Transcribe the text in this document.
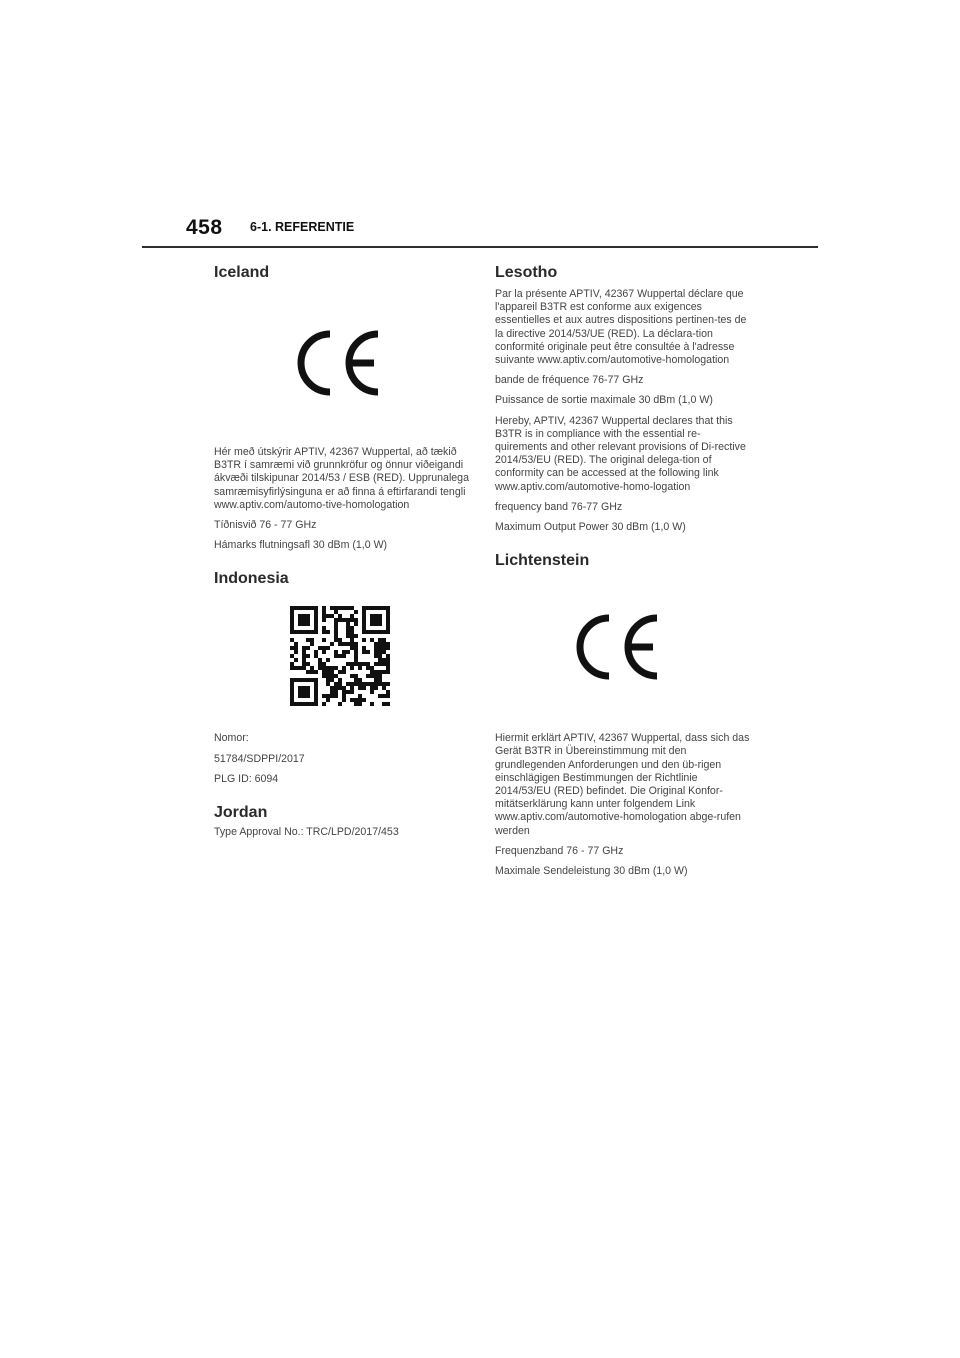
458 6-1. REFERENTIE
Iceland

Hér með útskýrir APTIV, 42367 Wuppertal, að tækið B3TR í samræmi við grunnkröfur og önnur viðeigandi ákvæði tilskipunar 2014/53 / ESB (RED). Upprunalega samræmisyfirlýsinguna er að finna á eftirfarandi tengli www.aptiv.com/automo-tive-homologation

Tíðnisvið 76 - 77 GHz

Hámarks flutningsafl 30 dBm (1,0 W)

Indonesia

Nomor:

51784/SDPPI/2017

PLG ID: 6094

Jordan

Type Approval No.: TRC/LPD/2017/453

Lesotho

Par la présente APTIV, 42367 Wuppertal déclare que l'appareil B3TR est conforme aux exigences essentielles et aux autres dispositions pertinen-tes de la directive 2014/53/UE (RED). La déclara-tion conformité originale peut être consultée à l'adresse suivante www.aptiv.com/automotive-homologation

bande de fréquence 76-77 GHz

Puissance de sortie maximale 30 dBm (1,0 W)

Hereby, APTIV, 42367 Wuppertal declares that this B3TR is in compliance with the essential re-quirements and other relevant provisions of Di-rective 2014/53/EU (RED). The original delega-tion of conformity can be accessed at the following link www.aptiv.com/automotive-homo-logation

frequency band 76-77 GHz

Maximum Output Power 30 dBm (1,0 W)

Lichtenstein

Hiermit erklärt APTIV, 42367 Wuppertal, dass sich das Gerät B3TR in Übereinstimmung mit den grundlegenden Anforderungen und den üb-rigen einschlägigen Bestimmungen der Richtlinie 2014/53/EU (RED) befindet. Die Original Konfor-mitätserklärung kann unter folgendem Link www.aptiv.com/automotive-homologation abge-rufen werden

Frequenzband 76 - 77 GHz

Maximale Sendeleistung 30 dBm (1,0 W)
